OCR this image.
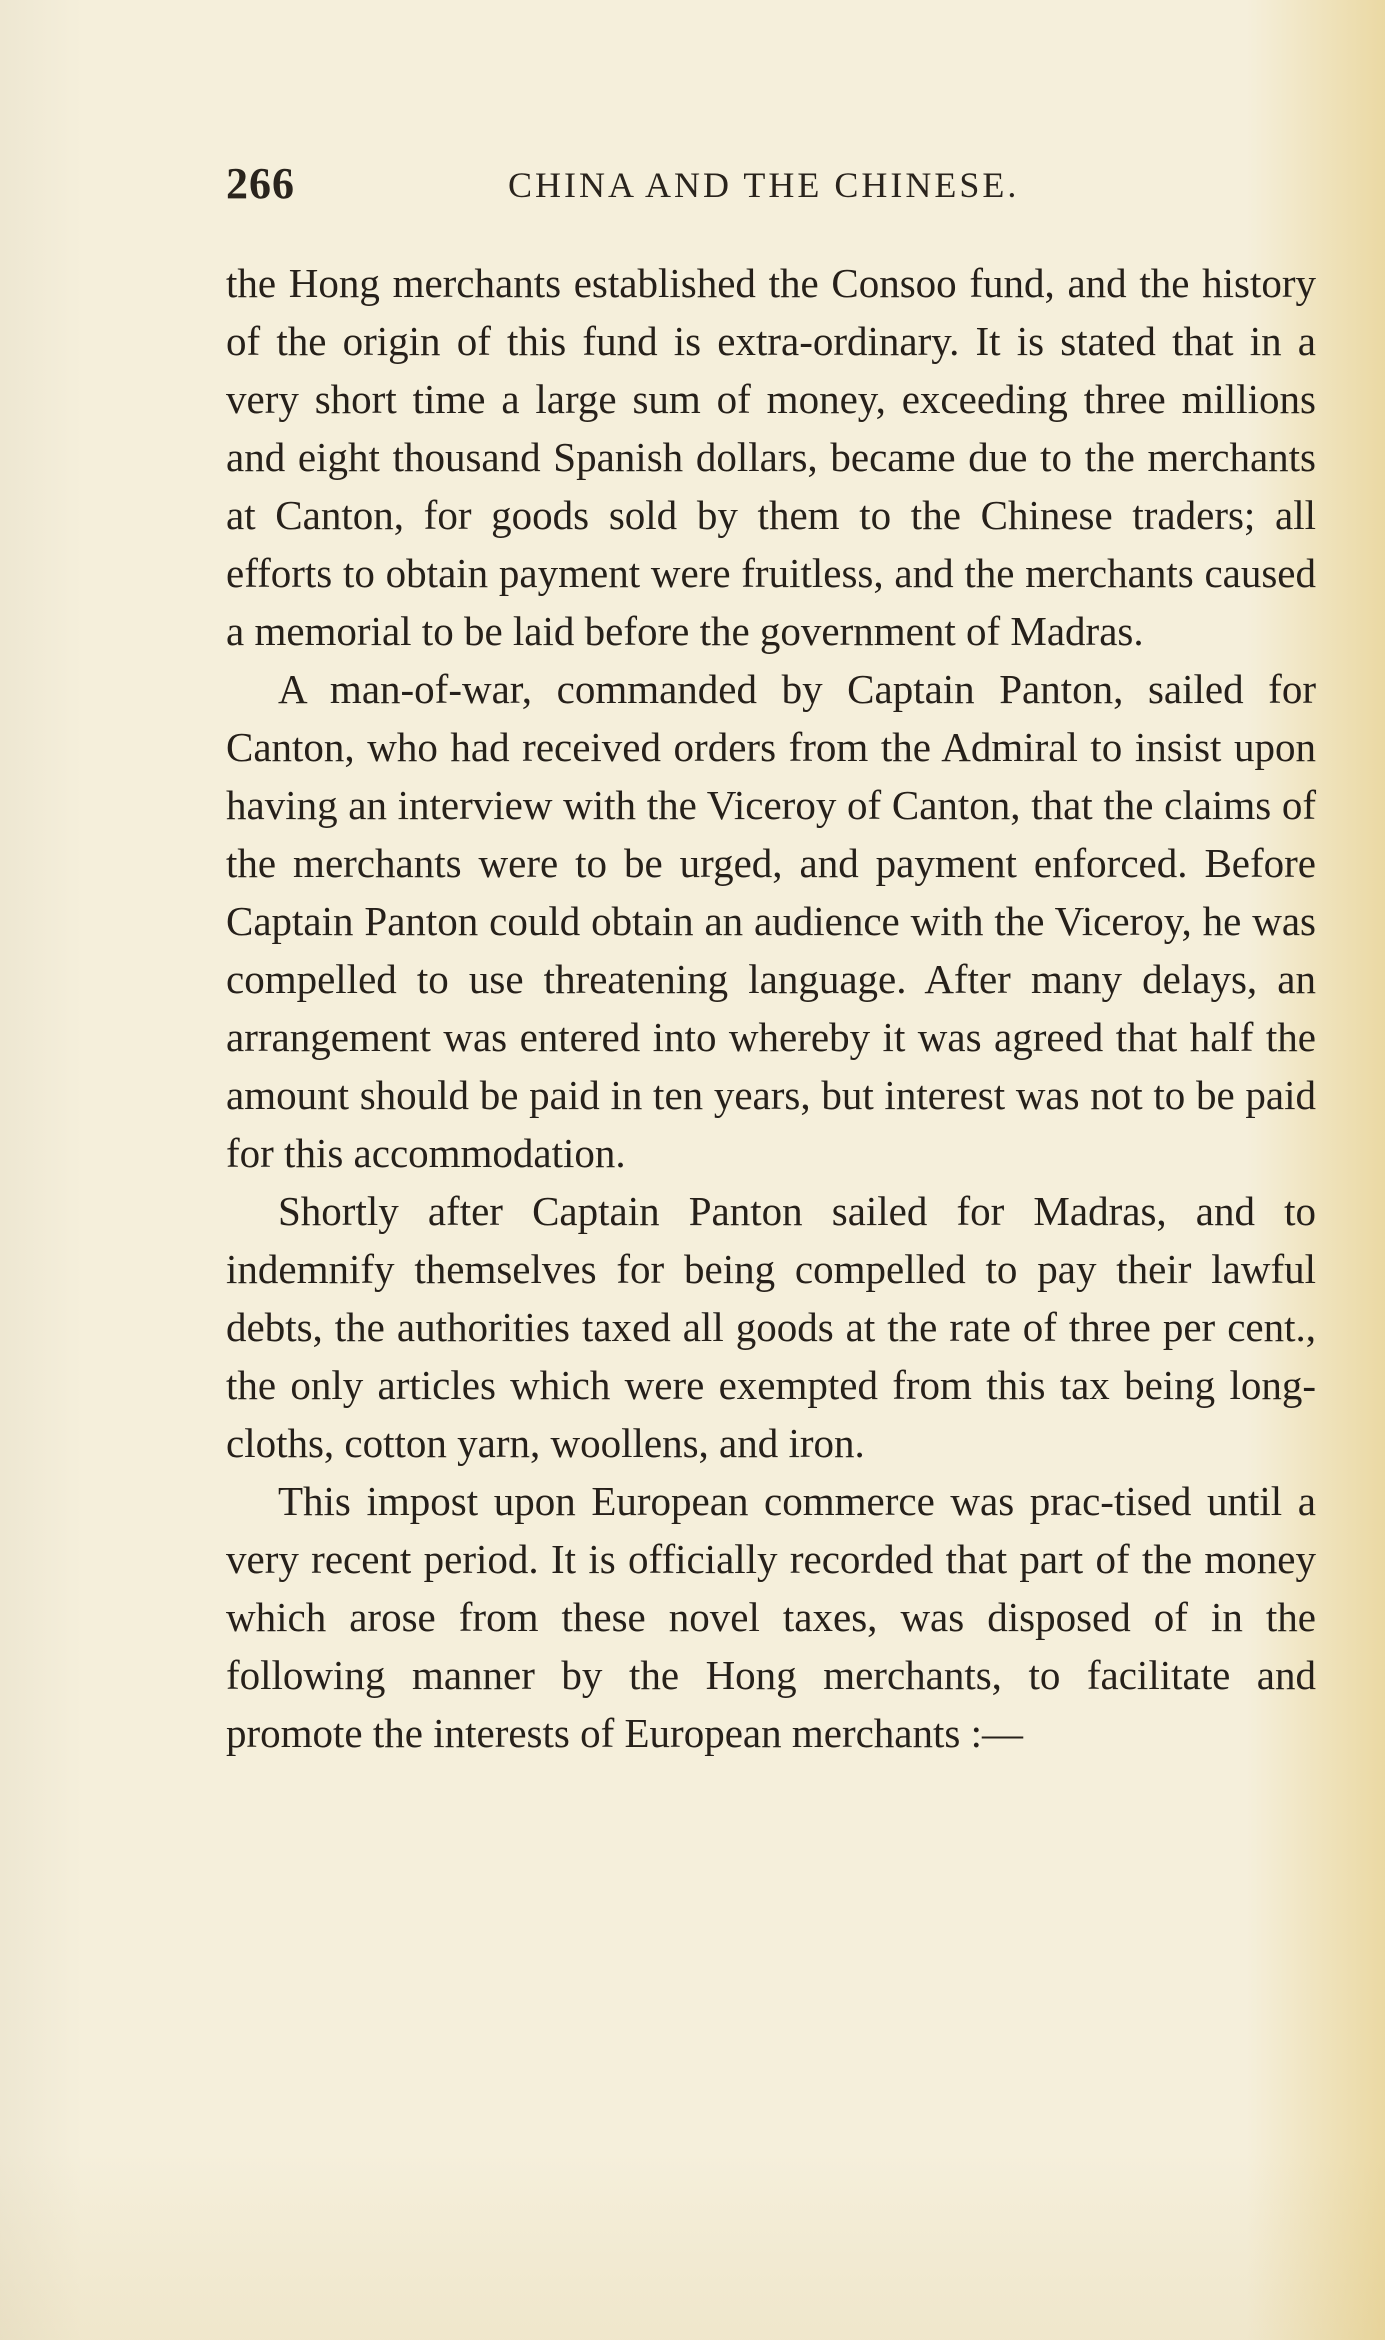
266	CHINA AND THE CHINESE.

the Hong merchants established the Consoo fund, and the history of the origin of this fund is extra-ordinary. It is stated that in a very short time a large sum of money, exceeding three millions and eight thousand Spanish dollars, became due to the merchants at Canton, for goods sold by them to the Chinese traders; all efforts to obtain payment were fruitless, and the merchants caused a memorial to be laid before the government of Madras.

A man-of-war, commanded by Captain Panton, sailed for Canton, who had received orders from the Admiral to insist upon having an interview with the Viceroy of Canton, that the claims of the merchants were to be urged, and payment enforced. Before Captain Panton could obtain an audience with the Viceroy, he was compelled to use threatening language. After many delays, an arrangement was entered into whereby it was agreed that half the amount should be paid in ten years, but interest was not to be paid for this accommodation.

Shortly after Captain Panton sailed for Madras, and to indemnify themselves for being compelled to pay their lawful debts, the authorities taxed all goods at the rate of three per cent., the only articles which were exempted from this tax being long-cloths, cotton yarn, woollens, and iron.

This impost upon European commerce was prac-tised until a very recent period. It is officially recorded that part of the money which arose from these novel taxes, was disposed of in the following manner by the Hong merchants, to facilitate and promote the interests of European merchants :—
